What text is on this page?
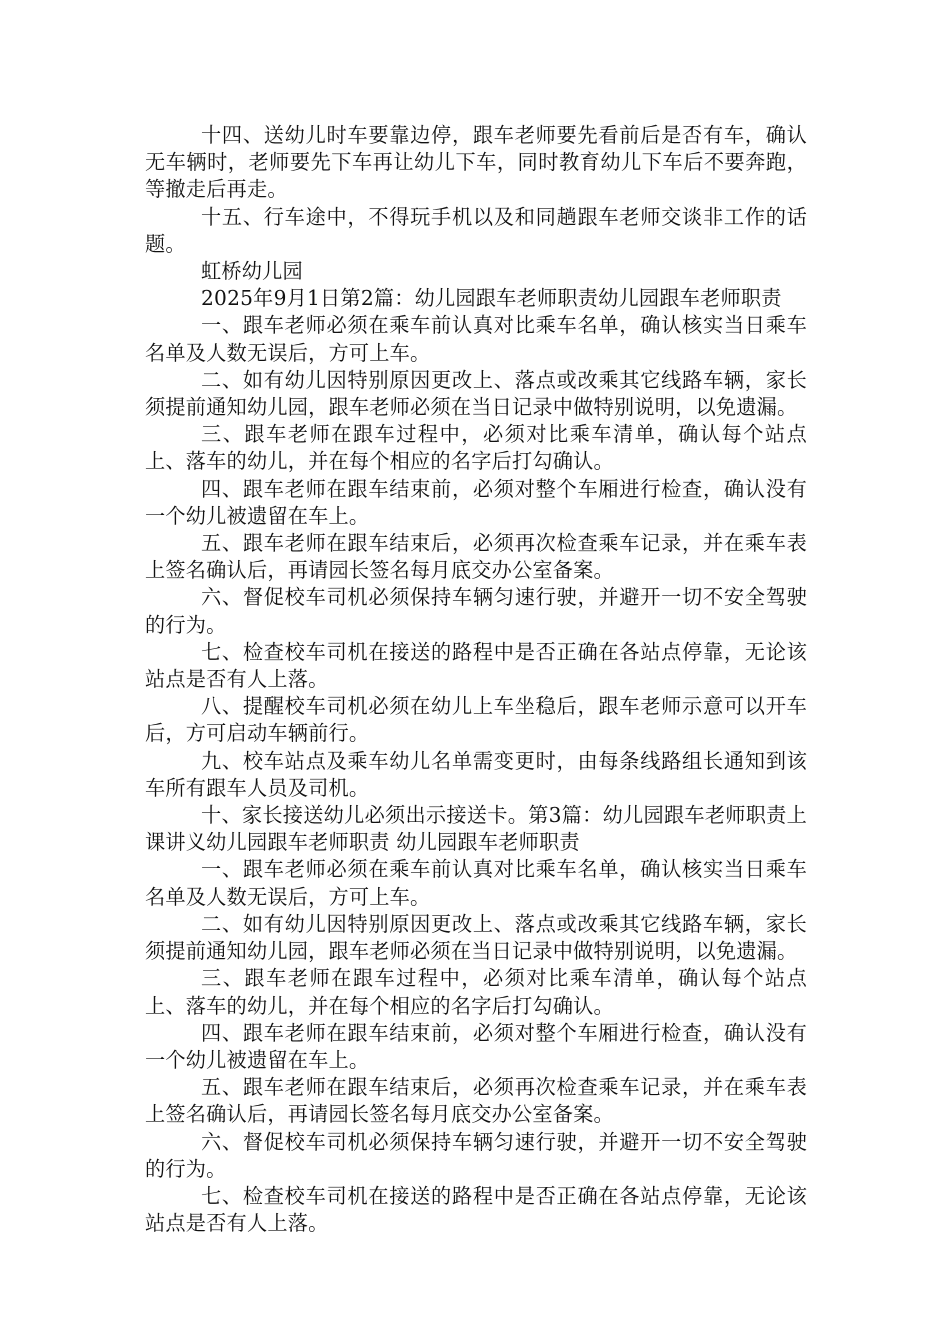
十四、送幼儿时车要靠边停，跟车老师要先看前后是否有车，确认无车辆时，老师要先下车再让幼儿下车，同时教育幼儿下车后不要奔跑，等撤走后再走。

十五、行车途中，不得玩手机以及和同趟跟车老师交谈非工作的话题。

虹桥幼儿园

2025年9月1日第2篇：幼儿园跟车老师职责幼儿园跟车老师职责

一、跟车老师必须在乘车前认真对比乘车名单，确认核实当日乘车名单及人数无误后，方可上车。

二、如有幼儿因特别原因更改上、落点或改乘其它线路车辆，家长须提前通知幼儿园，跟车老师必须在当日记录中做特别说明，以免遗漏。

三、跟车老师在跟车过程中，必须对比乘车清单，确认每个站点上、落车的幼儿，并在每个相应的名字后打勾确认。

四、跟车老师在跟车结束前，必须对整个车厢进行检查，确认没有一个幼儿被遗留在车上。

五、跟车老师在跟车结束后，必须再次检查乘车记录，并在乘车表上签名确认后，再请园长签名每月底交办公室备案。

六、督促校车司机必须保持车辆匀速行驶，并避开一切不安全驾驶的行为。

七、检查校车司机在接送的路程中是否正确在各站点停靠，无论该站点是否有人上落。

八、提醒校车司机必须在幼儿上车坐稳后，跟车老师示意可以开车后，方可启动车辆前行。

九、校车站点及乘车幼儿名单需变更时，由每条线路组长通知到该车所有跟车人员及司机。

十、家长接送幼儿必须出示接送卡。第3篇：幼儿园跟车老师职责上课讲义幼儿园跟车老师职责 幼儿园跟车老师职责

一、跟车老师必须在乘车前认真对比乘车名单，确认核实当日乘车名单及人数无误后，方可上车。

二、如有幼儿因特别原因更改上、落点或改乘其它线路车辆，家长须提前通知幼儿园，跟车老师必须在当日记录中做特别说明，以免遗漏。

三、跟车老师在跟车过程中，必须对比乘车清单，确认每个站点上、落车的幼儿，并在每个相应的名字后打勾确认。

四、跟车老师在跟车结束前，必须对整个车厢进行检查，确认没有一个幼儿被遗留在车上。

五、跟车老师在跟车结束后，必须再次检查乘车记录，并在乘车表上签名确认后，再请园长签名每月底交办公室备案。

六、督促校车司机必须保持车辆匀速行驶，并避开一切不安全驾驶的行为。

七、检查校车司机在接送的路程中是否正确在各站点停靠，无论该站点是否有人上落。
